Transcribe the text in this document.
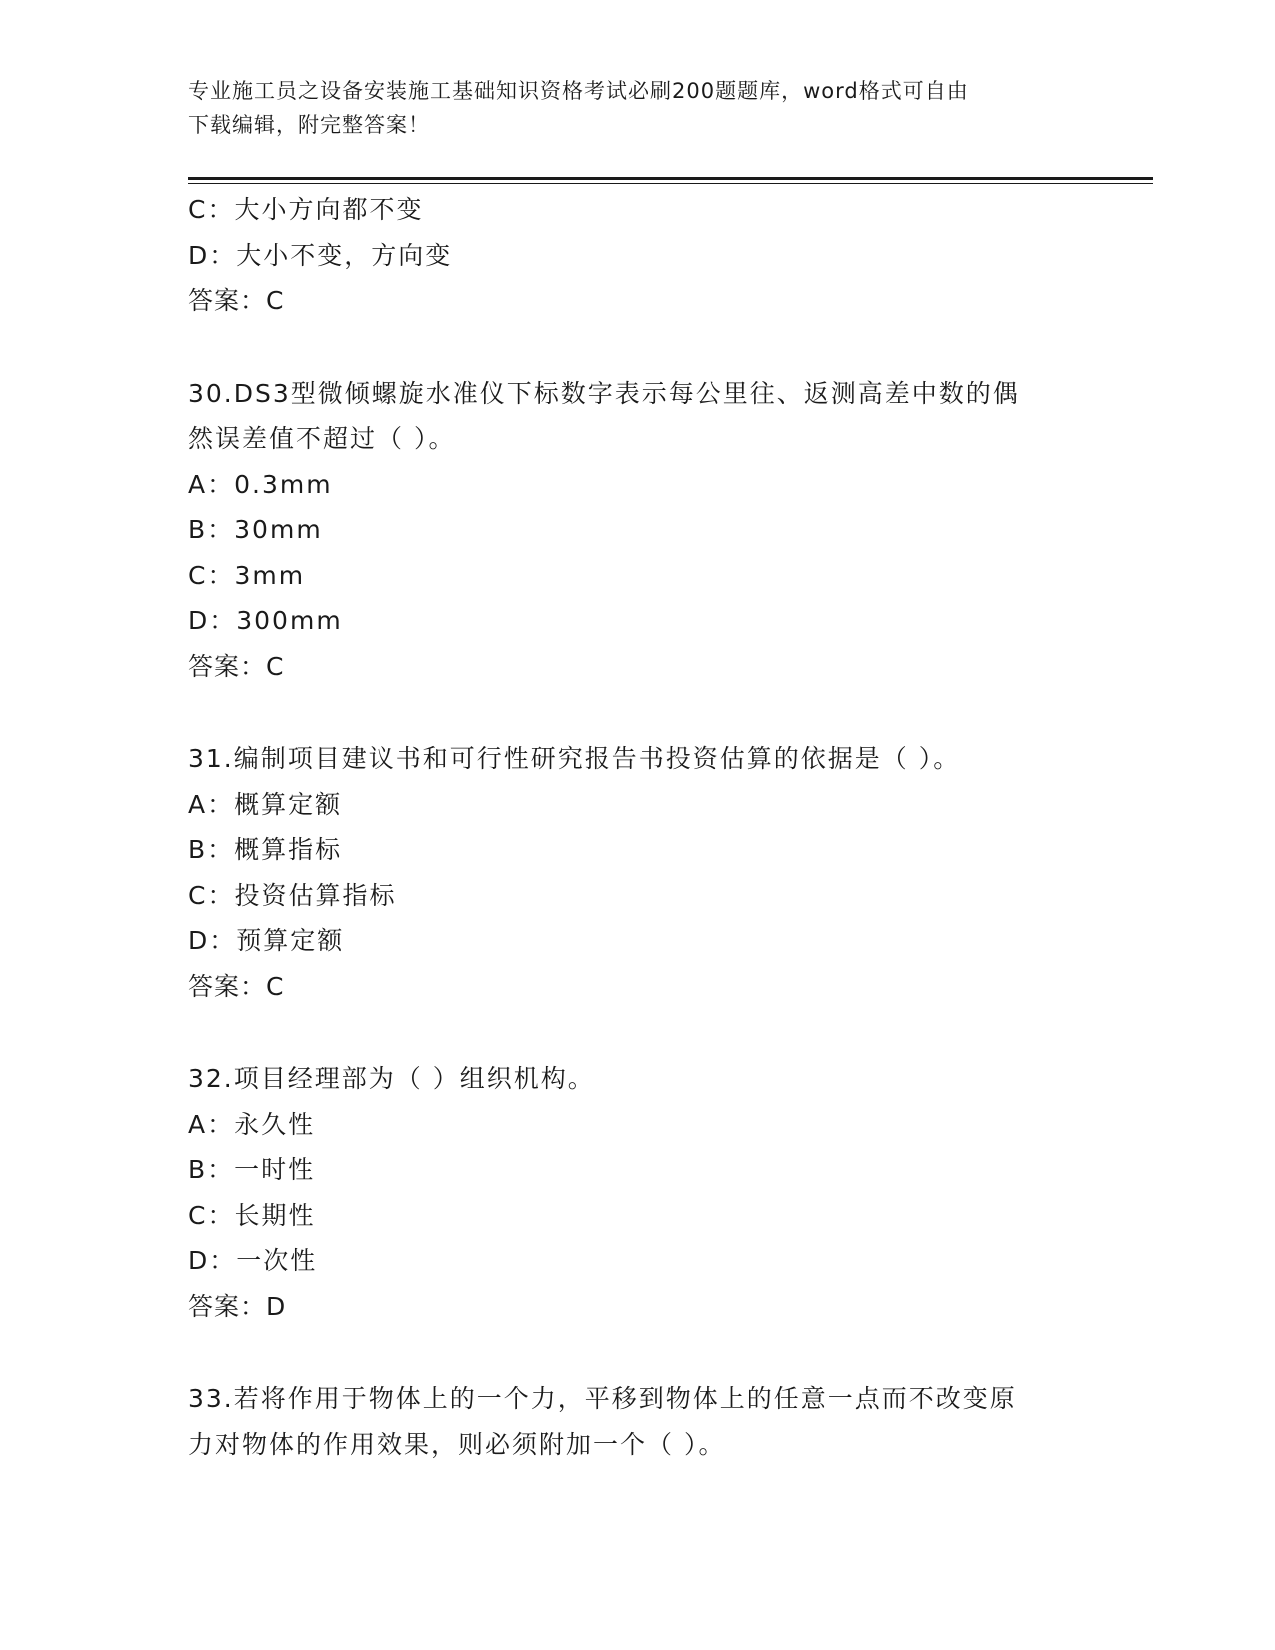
专业施工员之设备安装施工基础知识资格考试必刷200题题库，word格式可自由
下载编辑，附完整答案！
C：大小方向都不变
D：大小不变，方向变
答案：C
30.DS3型微倾螺旋水准仪下标数字表示每公里往、返测高差中数的偶
然误差值不超过（ ）。
A：0.3mm
B：30mm
C：3mm
D：300mm
答案：C
31.编制项目建议书和可行性研究报告书投资估算的依据是（ ）。
A：概算定额
B：概算指标
C：投资估算指标
D：预算定额
答案：C
32.项目经理部为（ ）组织机构。
A：永久性
B：一时性
C：长期性
D：一次性
答案：D
33.若将作用于物体上的一个力，平移到物体上的任意一点而不改变原
力对物体的作用效果，则必须附加一个（ ）。
